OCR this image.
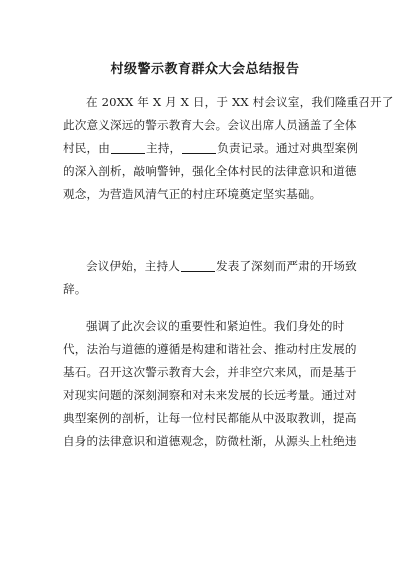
村级警示教育群众大会总结报告
在 20XX 年 X 月 X 日，于 XX 村会议室，我们隆重召开了
此次意义深远的警示教育大会。会议出席人员涵盖了全体
村民，由	主持，	负责记录。通过对典型案例
的深入剖析，敲响警钟，强化全体村民的法律意识和道德
观念，为营造风清气正的村庄环境奠定坚实基础。
会议伊始，主持人	发表了深刻而严肃的开场致
辞。
强调了此次会议的重要性和紧迫性。我们身处的时
代，法治与道德的遵循是构建和谐社会、推动村庄发展的
基石。召开这次警示教育大会，并非空穴来风，而是基于
对现实问题的深刻洞察和对未来发展的长远考量。通过对
典型案例的剖析，让每一位村民都能从中汲取教训，提高
自身的法律意识和道德观念，防微杜渐，从源头上杜绝违
